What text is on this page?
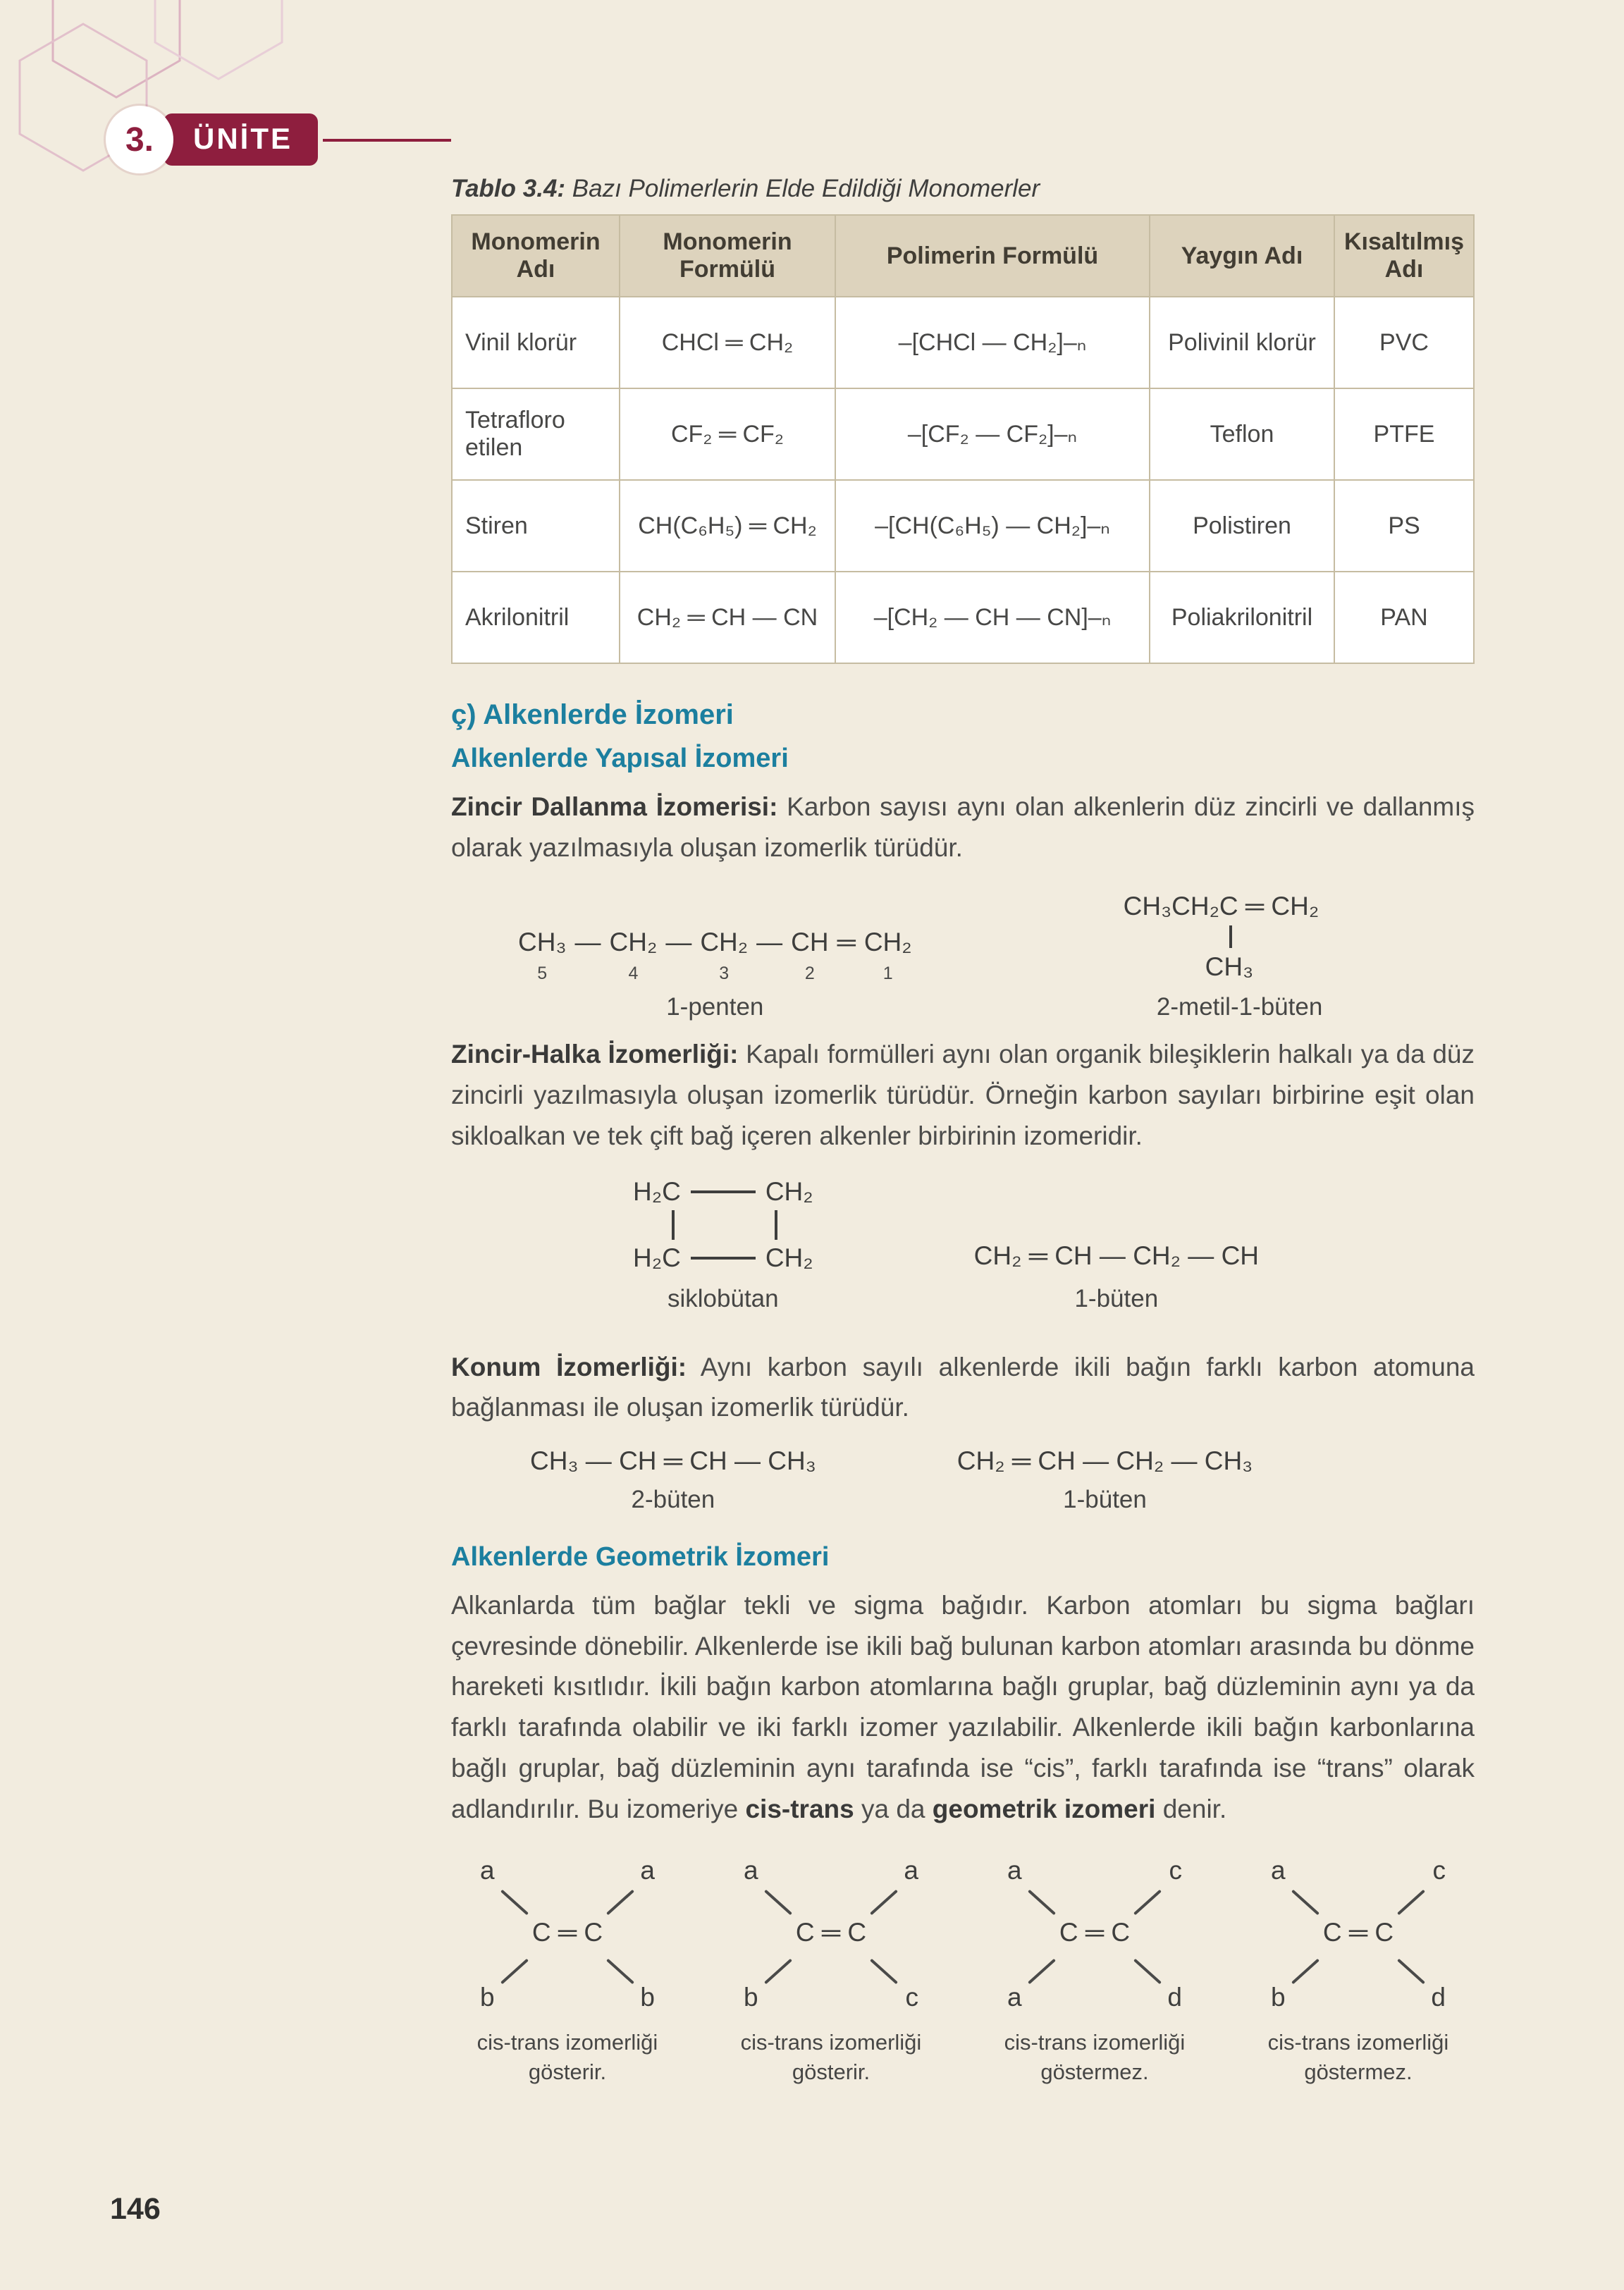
3.	ÜNİTE

Tablo 3.4: Bazı Polimerlerin Elde Edildiği Monomerler

Monomerin Adı	Monomerin Formülü	Polimerin Formülü	Yaygın Adı	Kısaltılmış Adı
Vinil klorür	CHCl ═ CH₂	–[CHCl — CH₂]–ₙ	Polivinil klorür	PVC
Tetrafloro etilen	CF₂ ═ CF₂	–[CF₂ — CF₂]–ₙ	Teflon	PTFE
Stiren	CH(C₆H₅) ═ CH₂	–[CH(C₆H₅) — CH₂]–ₙ	Polistiren	PS
Akrilonitril	CH₂ ═ CH — CN	–[CH₂ — CH — CN]–ₙ	Poliakrilonitril	PAN
ç) Alkenlerde İzomeri
Alkenlerde Yapısal İzomeri

Zincir Dallanma İzomerisi: Karbon sayısı aynı olan alkenlerin düz zincirli ve dallanmış olarak yazılmasıyla oluşan izomerlik türüdür.

CH₃
5
— CH₂
4
— CH₂
3
— CH
2
═ CH₂
1
1-penten
CH₃CH₂C ═ CH₂
CH₃
2-metil-1-büten

Zincir-Halka İzomerliği: Kapalı formülleri aynı olan organik bileşiklerin halkalı ya da düz zincirli yazılmasıyla oluşan izomerlik türüdür. Örneğin karbon sayıları birbirine eşit olan sikloalkan ve tek çift bağ içeren alkenler birbirinin izomeridir.

H₂C	CH₂
H₂C	CH₂
siklobütan
CH₂ ═ CH — CH₂ — CH
1-büten

Konum İzomerliği: Aynı karbon sayılı alkenlerde ikili bağın farklı karbon atomuna bağlanması ile oluşan izomerlik türüdür.

CH₃ — CH ═ CH — CH₃
2-büten
CH₂ ═ CH — CH₂ — CH₃
1-büten
Alkenlerde Geometrik İzomeri

Alkanlarda tüm bağlar tekli ve sigma bağıdır. Karbon atomları bu sigma bağları çevresinde dönebilir. Alkenlerde ise ikili bağ bulunan karbon atomları arasında bu dönme hareketi kısıtlıdır. İkili bağın karbon atomlarına bağlı gruplar, bağ düzleminin aynı ya da farklı tarafında olabilir ve iki farklı izomer yazılabilir. Alkenlerde ikili bağın karbonlarına bağlı gruplar, bağ düzleminin aynı tarafında ise “cis”, farklı tarafında ise “trans” olarak adlandırılır. Bu izomeriye cis-trans ya da geometrik izomeri denir.

a	a
C ═ C
b	b
cis-trans izomerliği gösterir.
a	a
C ═ C
b	c
cis-trans izomerliği gösterir.
a	c
C ═ C
a	d
cis-trans izomerliği göstermez.
a	c
C ═ C
b	d
cis-trans izomerliği göstermez.
146
